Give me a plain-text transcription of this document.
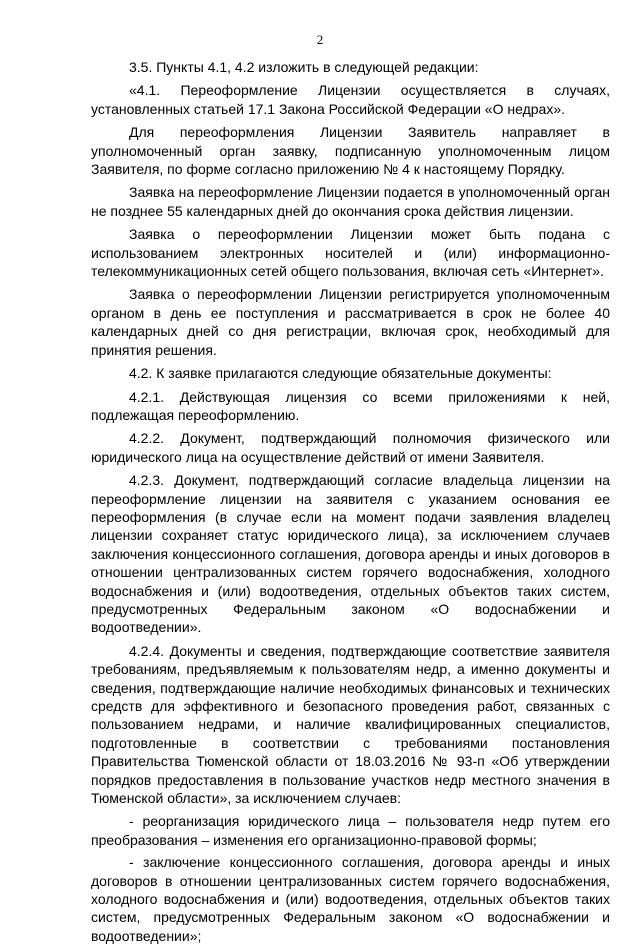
2

3.5. Пункты 4.1, 4.2 изложить в следующей редакции:

«4.1. Переоформление Лицензии осуществляется в случаях, установленных статьей 17.1 Закона Российской Федерации «О недрах».

Для переоформления Лицензии Заявитель направляет в уполномоченный орган заявку, подписанную уполномоченным лицом Заявителя, по форме согласно приложению № 4 к настоящему Порядку.

Заявка на переоформление Лицензии подается в уполномоченный орган не позднее 55 календарных дней до окончания срока действия лицензии.

Заявка о переоформлении Лицензии может быть подана с использованием электронных носителей и (или) информационно-телекоммуникационных сетей общего пользования, включая сеть «Интернет».

Заявка о переоформлении Лицензии регистрируется уполномоченным органом в день ее поступления и рассматривается в срок не более 40 календарных дней со дня регистрации, включая срок, необходимый для принятия решения.

4.2. К заявке прилагаются следующие обязательные документы:

4.2.1. Действующая лицензия со всеми приложениями к ней, подлежащая переоформлению.

4.2.2. Документ, подтверждающий полномочия физического или юридического лица на осуществление действий от имени Заявителя.

4.2.3. Документ, подтверждающий согласие владельца лицензии на переоформление лицензии на заявителя с указанием основания ее переоформления (в случае если на момент подачи заявления владелец лицензии сохраняет статус юридического лица), за исключением случаев заключения концессионного соглашения, договора аренды и иных договоров в отношении централизованных систем горячего водоснабжения, холодного водоснабжения и (или) водоотведения, отдельных объектов таких систем, предусмотренных Федеральным законом «О водоснабжении и водоотведении».

4.2.4. Документы и сведения, подтверждающие соответствие заявителя требованиям, предъявляемым к пользователям недр, а именно документы и сведения, подтверждающие наличие необходимых финансовых и технических средств для эффективного и безопасного проведения работ, связанных с пользованием недрами, и наличие квалифицированных специалистов, подготовленные в соответствии с требованиями постановления Правительства Тюменской области от 18.03.2016 № 93-п «Об утверждении порядков предоставления в пользование участков недр местного значения в Тюменской области», за исключением случаев:

- реорганизация юридического лица – пользователя недр путем его преобразования – изменения его организационно-правовой формы;

- заключение концессионного соглашения, договора аренды и иных договоров в отношении централизованных систем горячего водоснабжения, холодного водоснабжения и (или) водоотведения, отдельных объектов таких систем, предусмотренных Федеральным законом «О водоснабжении и водоотведении»;
